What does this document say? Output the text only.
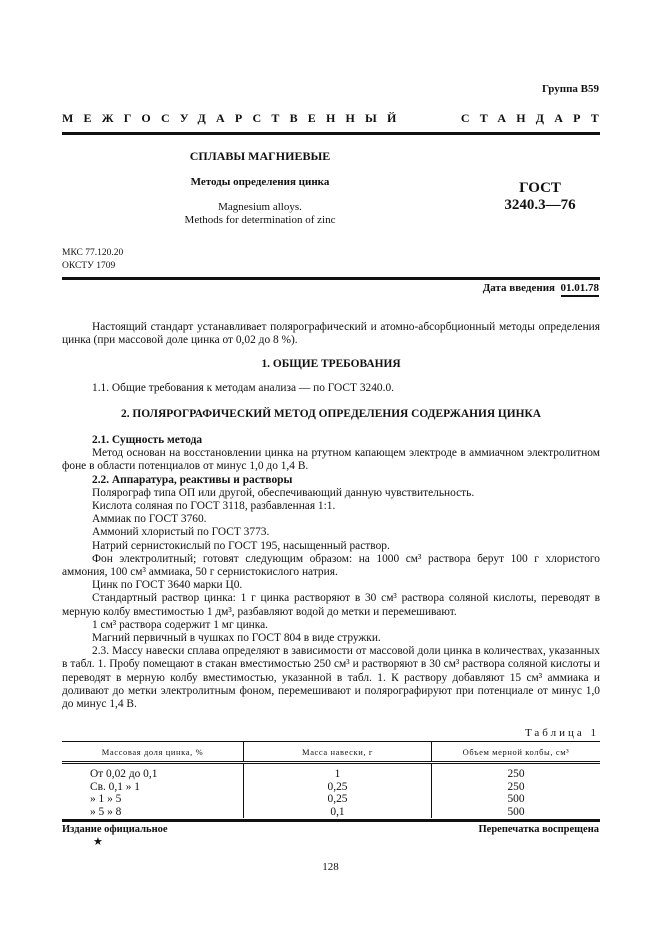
Группа В59
МЕЖГОСУДАРСТВЕННЫЙ	СТАНДАРТ
СПЛАВЫ МАГНИЕВЫЕ
Методы определения цинка
Magnesium alloys.
Methods for determination of zinc
ГОСТ
3240.3—76
МКС 77.120.20
ОКСТУ 1709
Дата введения 01.01.78

Настоящий стандарт устанавливает полярографический и атомно-абсорбционный методы определения цинка (при массовой доле цинка от 0,02 до 8 %).

1. ОБЩИЕ ТРЕБОВАНИЯ

1.1. Общие требования к методам анализа — по ГОСТ 3240.0.

2. ПОЛЯРОГРАФИЧЕСКИЙ МЕТОД ОПРЕДЕЛЕНИЯ СОДЕРЖАНИЯ ЦИНКА

2.1. Сущность метода

Метод основан на восстановлении цинка на ртутном капающем электроде в аммиачном электролитном фоне в области потенциалов от минус 1,0 до 1,4 В.

2.2. Аппаратура, реактивы и растворы

Полярограф типа ОП или другой, обеспечивающий данную чувствительность.

Кислота соляная по ГОСТ 3118, разбавленная 1:1.

Аммиак по ГОСТ 3760.

Аммоний хлористый по ГОСТ 3773.

Натрий сернистокислый по ГОСТ 195, насыщенный раствор.

Фон электролитный; готовят следующим образом: на 1000 см³ раствора берут 100 г хлористого аммония, 100 см³ аммиака, 50 г сернистокислого натрия.

Цинк по ГОСТ 3640 марки Ц0.

Стандартный раствор цинка: 1 г цинка растворяют в 30 см³ раствора соляной кислоты, переводят в мерную колбу вместимостью 1 дм³, разбавляют водой до метки и перемешивают.

1 см³ раствора содержит 1 мг цинка.

Магний первичный в чушках по ГОСТ 804 в виде стружки.

2.3. Массу навески сплава определяют в зависимости от массовой доли цинка в количествах, указанных в табл. 1. Пробу помещают в стакан вместимостью 250 см³ и растворяют в 30 см³ раствора соляной кислоты и переводят в мерную колбу вместимостью, указанной в табл. 1. К раствору добавляют 15 см³ аммиака и доливают до метки электролитным фоном, перемешивают и полярографируют при потенциале от минус 1,0 до минус 1,4 В.

Таблица 1
Массовая доля цинка, %	Масса навески, г	Объем мерной колбы, см³
От 0,02 до 0,1	1	250
Св. 0,1 » 1	0,25	250
» 1 » 5	0,25	500
» 5 » 8	0,1	500
Издание официальное	Перепечатка воспрещена
★
128
